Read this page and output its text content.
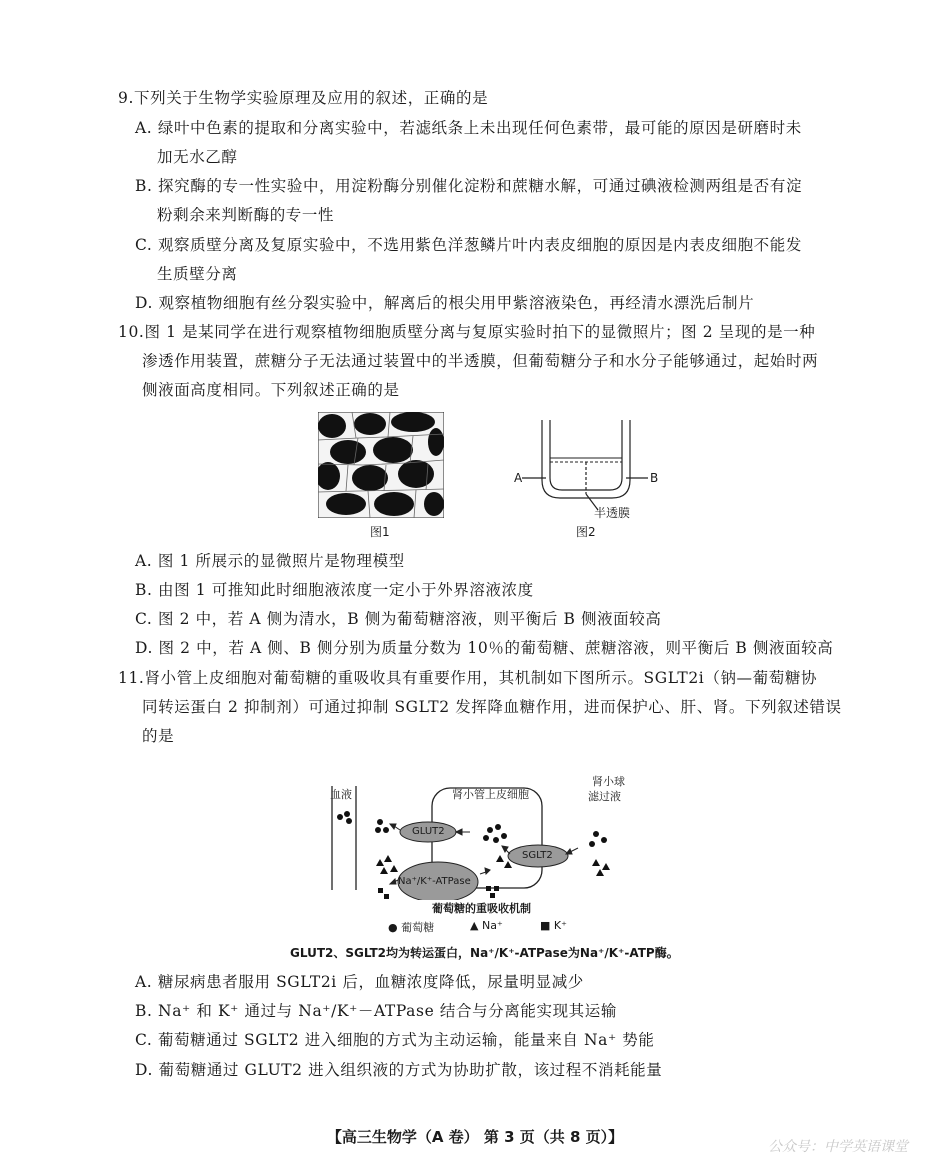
9.下列关于生物学实验原理及应用的叙述，正确的是
A. 绿叶中色素的提取和分离实验中，若滤纸条上未出现任何色素带，最可能的原因是研磨时未
加无水乙醇
B. 探究酶的专一性实验中，用淀粉酶分别催化淀粉和蔗糖水解，可通过碘液检测两组是否有淀
粉剩余来判断酶的专一性
C. 观察质壁分离及复原实验中，不选用紫色洋葱鳞片叶内表皮细胞的原因是内表皮细胞不能发
生质壁分离
D. 观察植物细胞有丝分裂实验中，解离后的根尖用甲紫溶液染色，再经清水漂洗后制片
10.图 1 是某同学在进行观察植物细胞质壁分离与复原实验时拍下的显微照片；图 2 呈现的是一种
渗透作用装置，蔗糖分子无法通过装置中的半透膜，但葡萄糖分子和水分子能够通过，起始时两
侧液面高度相同。下列叙述正确的是
图1
A	B
半透膜
图2
A. 图 1 所展示的显微照片是物理模型
B. 由图 1 可推知此时细胞液浓度一定小于外界溶液浓度
C. 图 2 中，若 A 侧为清水，B 侧为葡萄糖溶液，则平衡后 B 侧液面较高
D. 图 2 中，若 A 侧、B 侧分别为质量分数为 10％的葡萄糖、蔗糖溶液，则平衡后 B 侧液面较高
11.肾小管上皮细胞对葡萄糖的重吸收具有重要作用，其机制如下图所示。SGLT2i（钠—葡萄糖协
同转运蛋白 2 抑制剂）可通过抑制 SGLT2 发挥降血糖作用，进而保护心、肝、肾。下列叙述错误
的是
血液	肾小管上皮细胞
肾小球
滤过液
GLUT2
SGLT2
Na⁺/K⁺-ATPase
葡萄糖的重吸收机制
● 葡萄糖	▲ Na⁺	■ K⁺
GLUT2、SGLT2均为转运蛋白，Na⁺/K⁺-ATPase为Na⁺/K⁺-ATP酶。
A. 糖尿病患者服用 SGLT2i 后，血糖浓度降低，尿量明显减少
B. Na⁺ 和 K⁺ 通过与 Na⁺/K⁺－ATPase 结合与分离能实现其运输
C. 葡萄糖通过 SGLT2 进入细胞的方式为主动运输，能量来自 Na⁺ 势能
D. 葡萄糖通过 GLUT2 进入组织液的方式为协助扩散，该过程不消耗能量
【高三生物学（A 卷） 第 3 页（共 8 页）】
公众号：中学英语课堂
